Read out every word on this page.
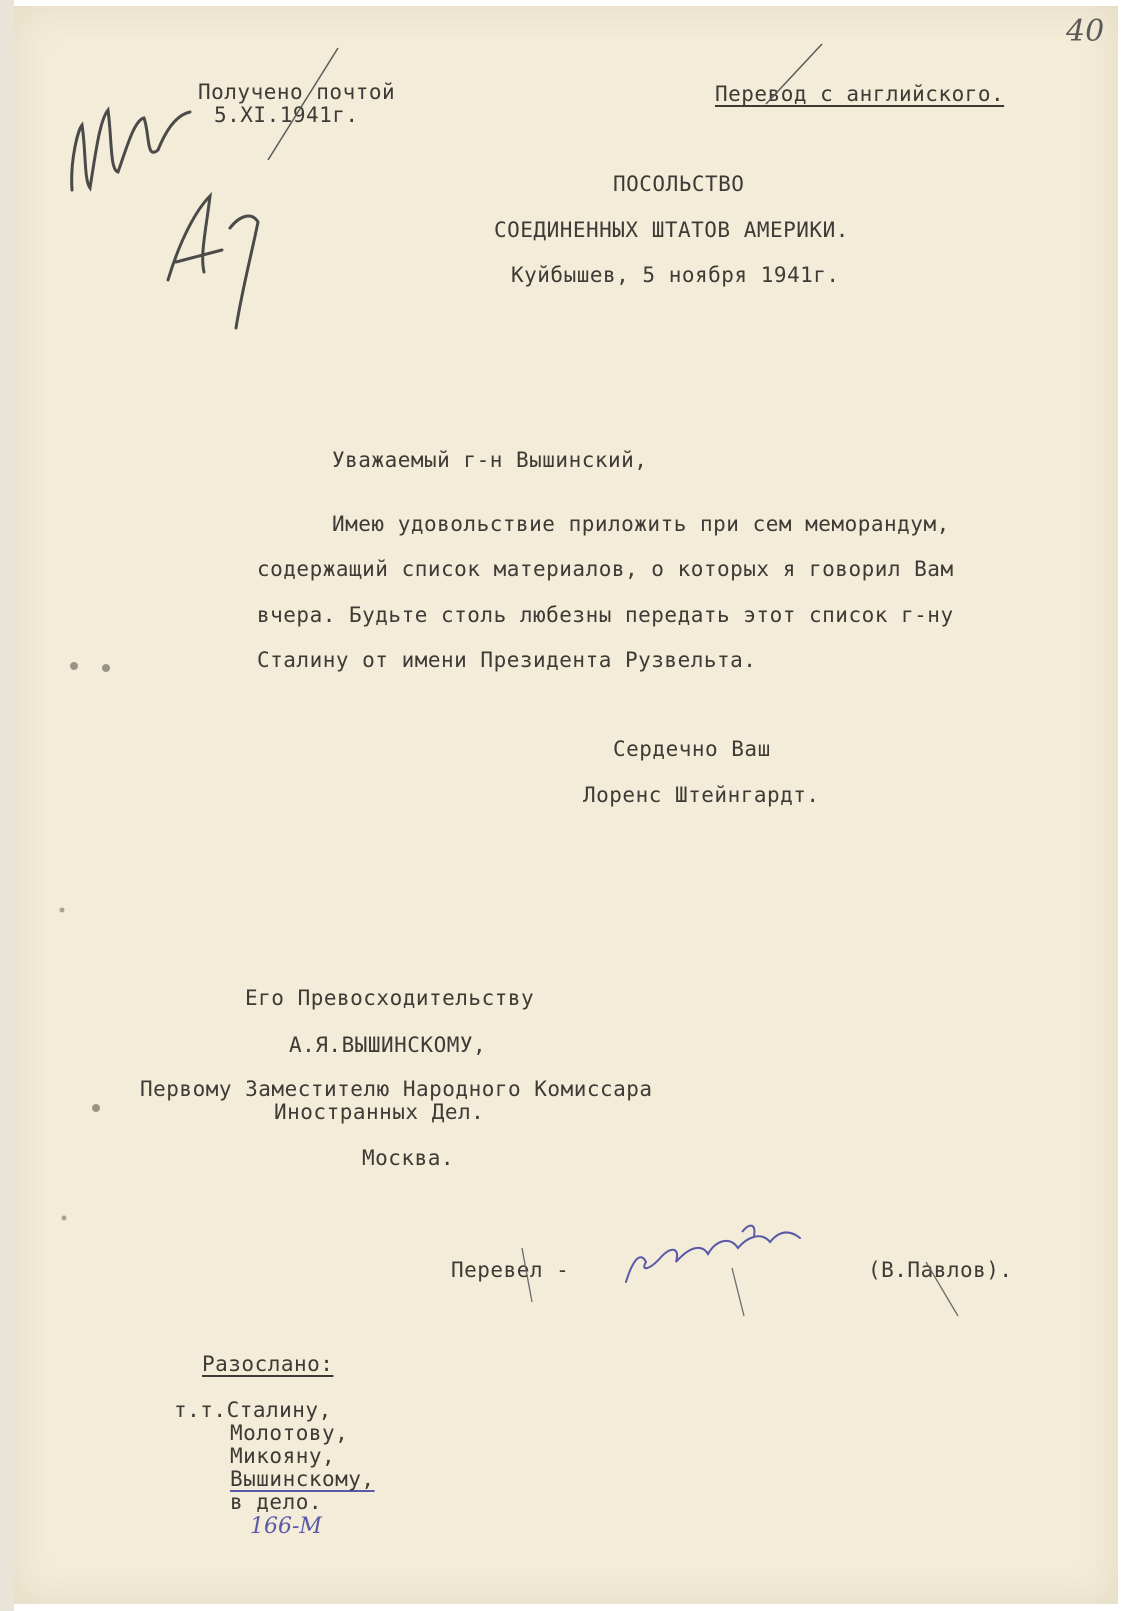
40
Получено почтой
5.XI.1941г.
Перевод с английского.
ПОСОЛЬСТВО
СОЕДИНЕННЫХ ШТАТОВ АМЕРИКИ.
Куйбышев, 5 ноября 1941г.
Уважаемый г-н Вышинский,
Имею удовольствие приложить при сем меморандум,
содержащий список материалов, о которых я говорил Вам
вчера. Будьте столь любезны передать этот список г-ну
Сталину от имени Президента Рузвельта.
Сердечно Ваш
Лоренс Штейнгардт.
Его Превосходительству
А.Я.ВЫШИНСКОМУ,
Первому Заместителю Народного Комиссара
Иностранных Дел.
Москва.
Перевел -	(В.Павлов).
Разослано:
т.т.Сталину,
Молотову,
Микояну,
Вышинскому,
в дело.
166-М
